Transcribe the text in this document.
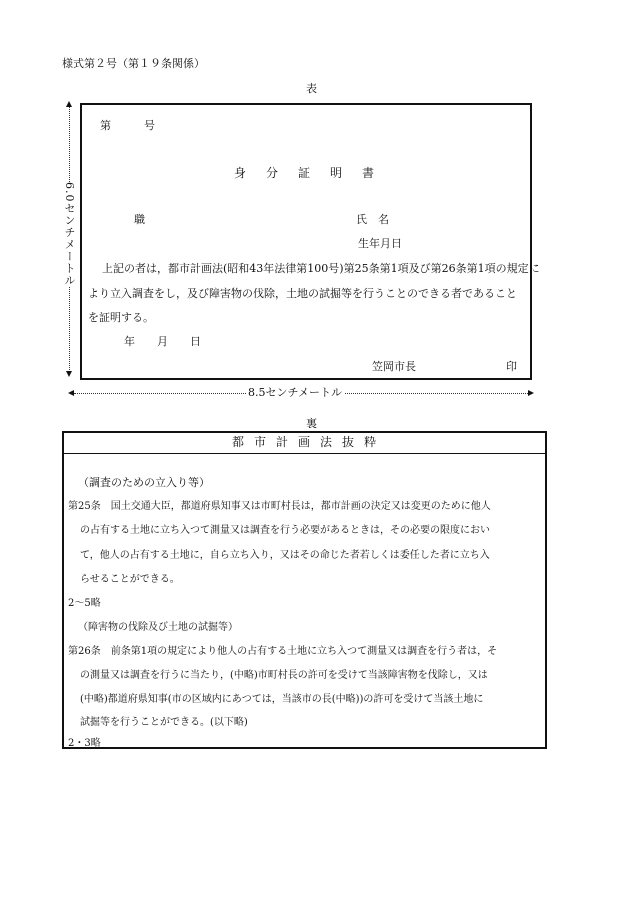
様式第２号（第１９条関係）
表
6.0センチメートル
第　　　号
身分証明書
職	氏　名
生年月日
上記の者は，都市計画法(昭和43年法律第100号)第25条第1項及び第26条第1項の規定に
より立入調査をし，及び障害物の伐除，土地の試掘等を行うことのできる者であること
を証明する。
年　　月　　日
笠岡市長	印
8.5センチメートル
裏
都市計画法抜粋
（調査のための立入り等）
第25条　国土交通大臣，都道府県知事又は市町村長は，都市計画の決定又は変更のために他人
の占有する土地に立ち入つて測量又は調査を行う必要があるときは，その必要の限度におい
て，他人の占有する土地に，自ら立ち入り，又はその命じた者若しくは委任した者に立ち入
らせることができる。
2〜5略
（障害物の伐除及び土地の試掘等）
第26条　前条第1項の規定により他人の占有する土地に立ち入つて測量又は調査を行う者は，そ
の測量又は調査を行うに当たり，(中略)市町村長の許可を受けて当該障害物を伐除し，又は
(中略)都道府県知事(市の区域内にあつては，当該市の長(中略))の許可を受けて当該土地に
試掘等を行うことができる。(以下略)
2・3略
